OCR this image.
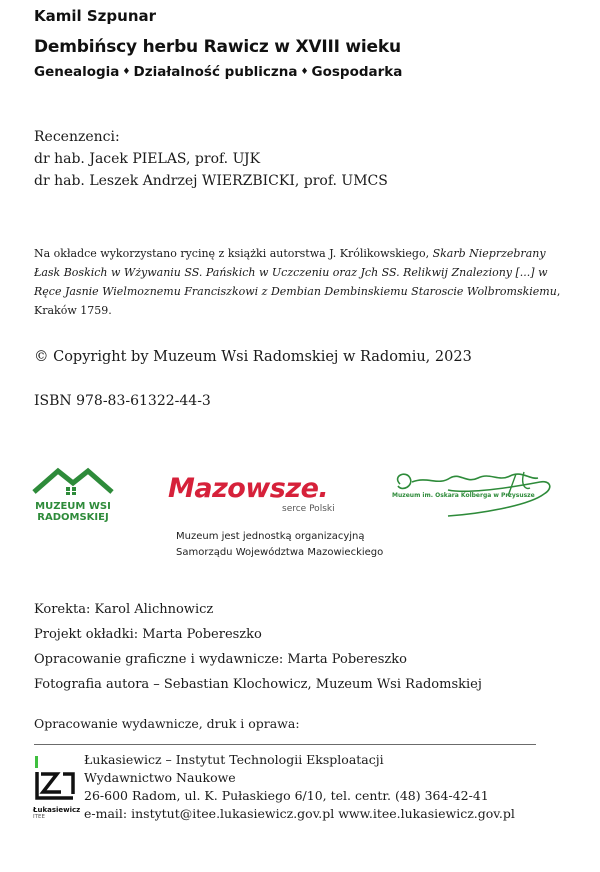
Kamil Szpunar
Dembińscy herbu Rawicz w XVIII wieku
Genealogia ♦ Działalność publiczna ♦ Gospodarka
Recenzenci:
dr hab. Jacek PIELAS, prof. UJK
dr hab. Leszek Andrzej WIERZBICKI, prof. UMCS
Na okładce wykorzystano rycinę z książki autorstwa J. Królikowskiego, Skarb Nieprzebrany Łask Boskich w Wżywaniu SS. Pańskich w Uczczeniu oraz Jch SS. Relikwij Znaleziony [...] w Ręce Jasnie Wielmoznemu Franciszkowi z Dembian Dembinskiemu Staroscie Wolbromskiemu, Kraków 1759.
© Copyright by Muzeum Wsi Radomskiej w Radomiu, 2023
ISBN 978-83-61322-44-3
MUZEUM WSI
RADOMSKIEJ
Mazowsze.
serce Polski
Muzeum jest jednostką organizacyjną
Samorządu Województwa Mazowieckiego
Muzeum im. Oskara Kolberga w Przysusze
Korekta: Karol Alichnowicz
Projekt okładki: Marta Pobereszko
Opracowanie graficzne i wydawnicze: Marta Pobereszko
Fotografia autora – Sebastian Klochowicz, Muzeum Wsi Radomskiej
Opracowanie wydawnicze, druk i oprawa:
Łukasiewicz
ITEE
Łukasiewicz – Instytut Technologii Eksploatacji
Wydawnictwo Naukowe
26-600 Radom, ul. K. Pułaskiego 6/10, tel. centr. (48) 364-42-41
e-mail: instytut@itee.lukasiewicz.gov.pl www.itee.lukasiewicz.gov.pl
